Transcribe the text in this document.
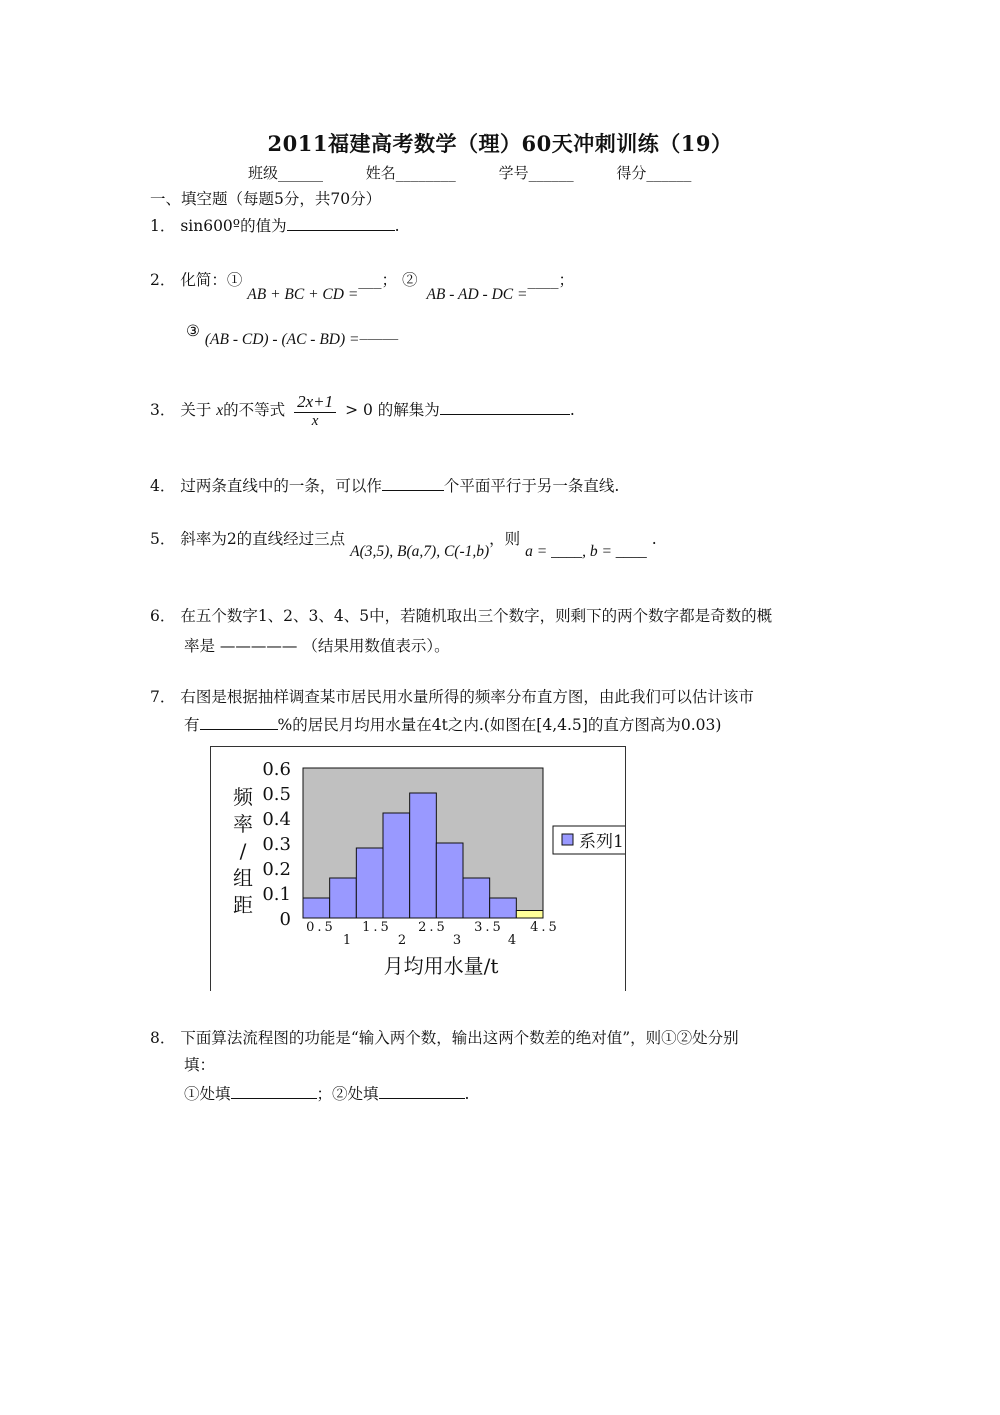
2011福建高考数学（理）60天冲刺训练（19）
班级______	姓名________	学号______	得分______
一、填空题（每题5分，共70分）
1． sin600º的值为	.
2． 化简：① AB + BC + CD =___； ② AB - AD - DC =____；
③ (AB - CD) - (AC - BD) =_____
3． 关于 x的不等式 $\frac{2x+1}{x} > 0$ 的解集为	.
4． 过两条直线中的一条，可以作	个平面平行于另一条直线.
5． 斜率为2的直线经过三点 A(3,5), B(a,7), C(-1,b)，则 a = ____, b = ____ .
6． 在五个数字1、2、3、4、5中，若随机取出三个数字，则剩下的两个数字都是奇数的概
率是 ————— （结果用数值表示）。
7． 右图是根据抽样调查某市居民用水量所得的频率分布直方图，由此我们可以估计该市
有	%的居民月均用水量在4t之内.(如图在[4,4.5]的直方图高为0.03)
0.6
0.5
0.4
0.3
0.2
0.1
0
频
率
/
组
距
0.5 1.5 2.5 3.5 4.5
1	2	3	4
月均用水量/t
系列1
8． 下面算法流程图的功能是“输入两个数，输出这两个数差的绝对值”，则①②处分别
填：
①处填	；②处填	.
